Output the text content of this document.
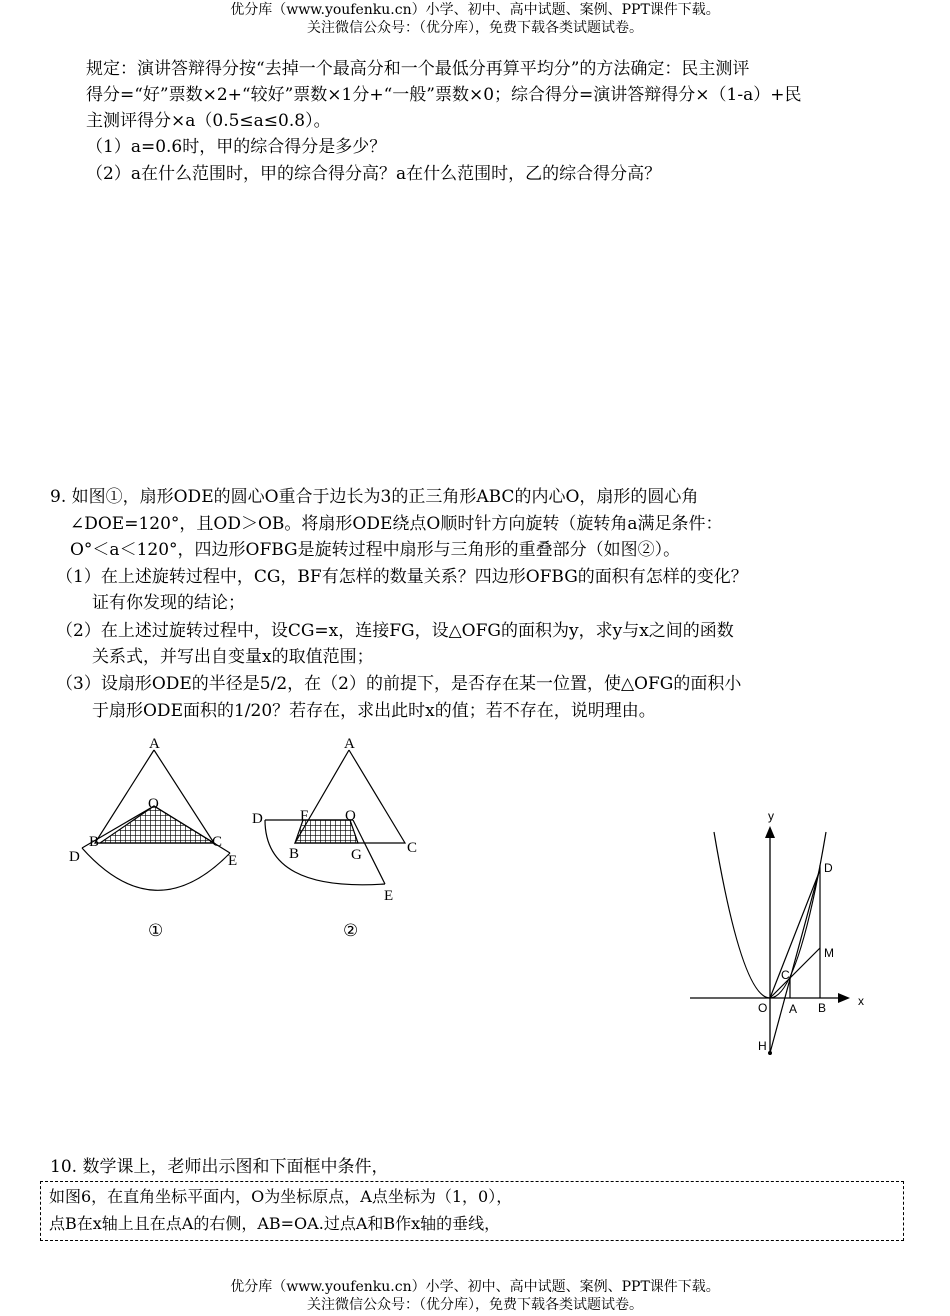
优分库（www.youfenku.cn）小学、初中、高中试题、案例、PPT课件下载。
关注微信公众号：（优分库），免费下载各类试题试卷。
规定：演讲答辩得分按“去掉一个最高分和一个最低分再算平均分”的方法确定：民主测评
得分=“好”票数×2+“较好”票数×1分+“一般”票数×0；综合得分=演讲答辩得分×（1-a）+民
主测评得分×a（0.5≤a≤0.8）。
（1）a=0.6时，甲的综合得分是多少？
（2）a在什么范围时，甲的综合得分高？a在什么范围时，乙的综合得分高？
9. 如图①，扇形ODE的圆心O重合于边长为3的正三角形ABC的内心O，扇形的圆心角
∠DOE=120°，且OD＞OB。将扇形ODE绕点O顺时针方向旋转（旋转角a满足条件：
O°＜a＜120°，四边形OFBG是旋转过程中扇形与三角形的重叠部分（如图②）。
（1）在上述旋转过程中，CG，BF有怎样的数量关系？四边形OFBG的面积有怎样的变化？
证有你发现的结论；
（2）在上述过旋转过程中，设CG=x，连接FG，设△OFG的面积为y，求y与x之间的函数
关系式，并写出自变量x的取值范围；
（3）设扇形ODE的半径是5/2，在（2）的前提下，是否存在某一位置，使△OFG的面积小
于扇形ODE面积的1/20？若存在，求出此时x的值；若不存在，说明理由。
A
O
B	C
D	E
①
A
F O
D
B	G	C
E
②
y
x
D
M
C
O A B
H
10. 数学课上，老师出示图和下面框中条件，
如图6，在直角坐标平面内，O为坐标原点，A点坐标为（1，0），
点B在x轴上且在点A的右侧，AB=OA.过点A和B作x轴的垂线，
优分库（www.youfenku.cn）小学、初中、高中试题、案例、PPT课件下载。
关注微信公众号：（优分库），免费下载各类试题试卷。
